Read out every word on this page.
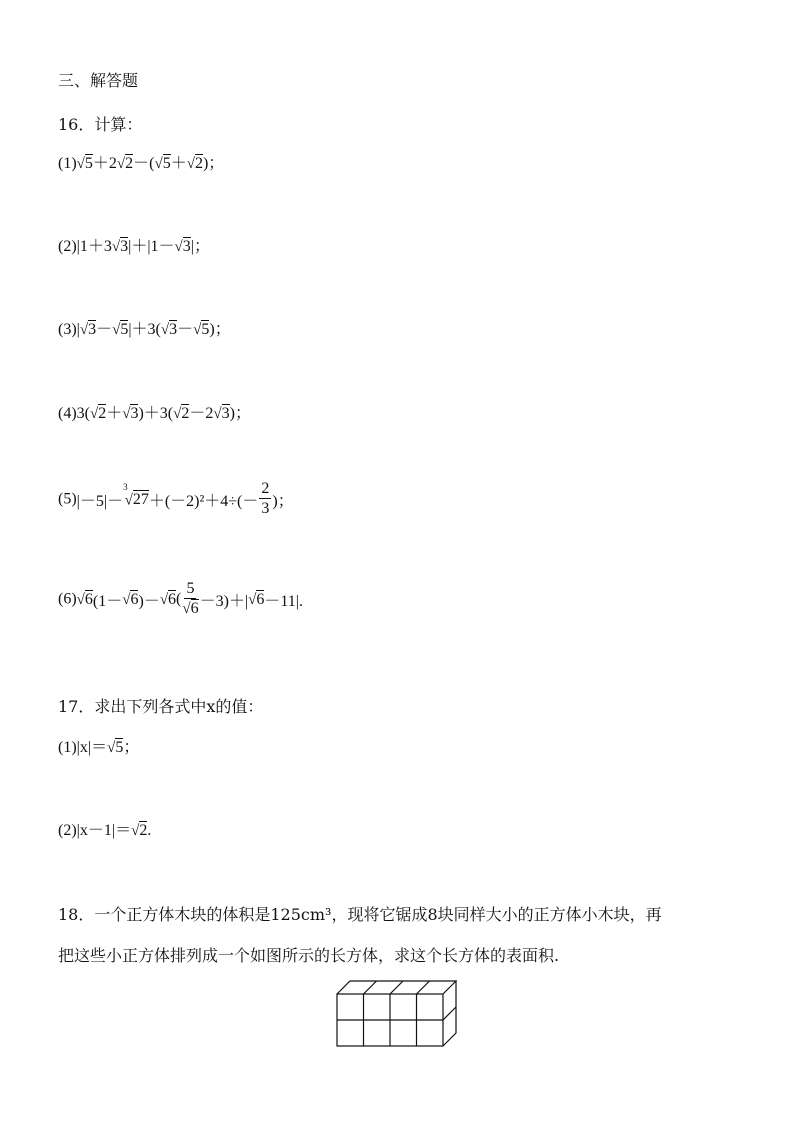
三、解答题
16．计算：
(1)√5＋2√2－(√5＋√2)；
(2)|1＋3√3|＋|1－√3|；
(3)|√3－√5|＋3(√3－√5)；
(4)3(√2＋√3)＋3(√2－2√3)；
$(5)|-5|-^3√27+(-2)^2+4\div(- \frac{2}{3}$ )；
$(6)√6(1-√6)-√6( \frac{5}{√6} -3)+|√6-11|$.
17．求出下列各式中x的值：
(1)|x|＝√5；
(2)|x－1|＝√2.
18．一个正方体木块的体积是125cm³，现将它锯成8块同样大小的正方体小木块，再
把这些小正方体排列成一个如图所示的长方体，求这个长方体的表面积.
